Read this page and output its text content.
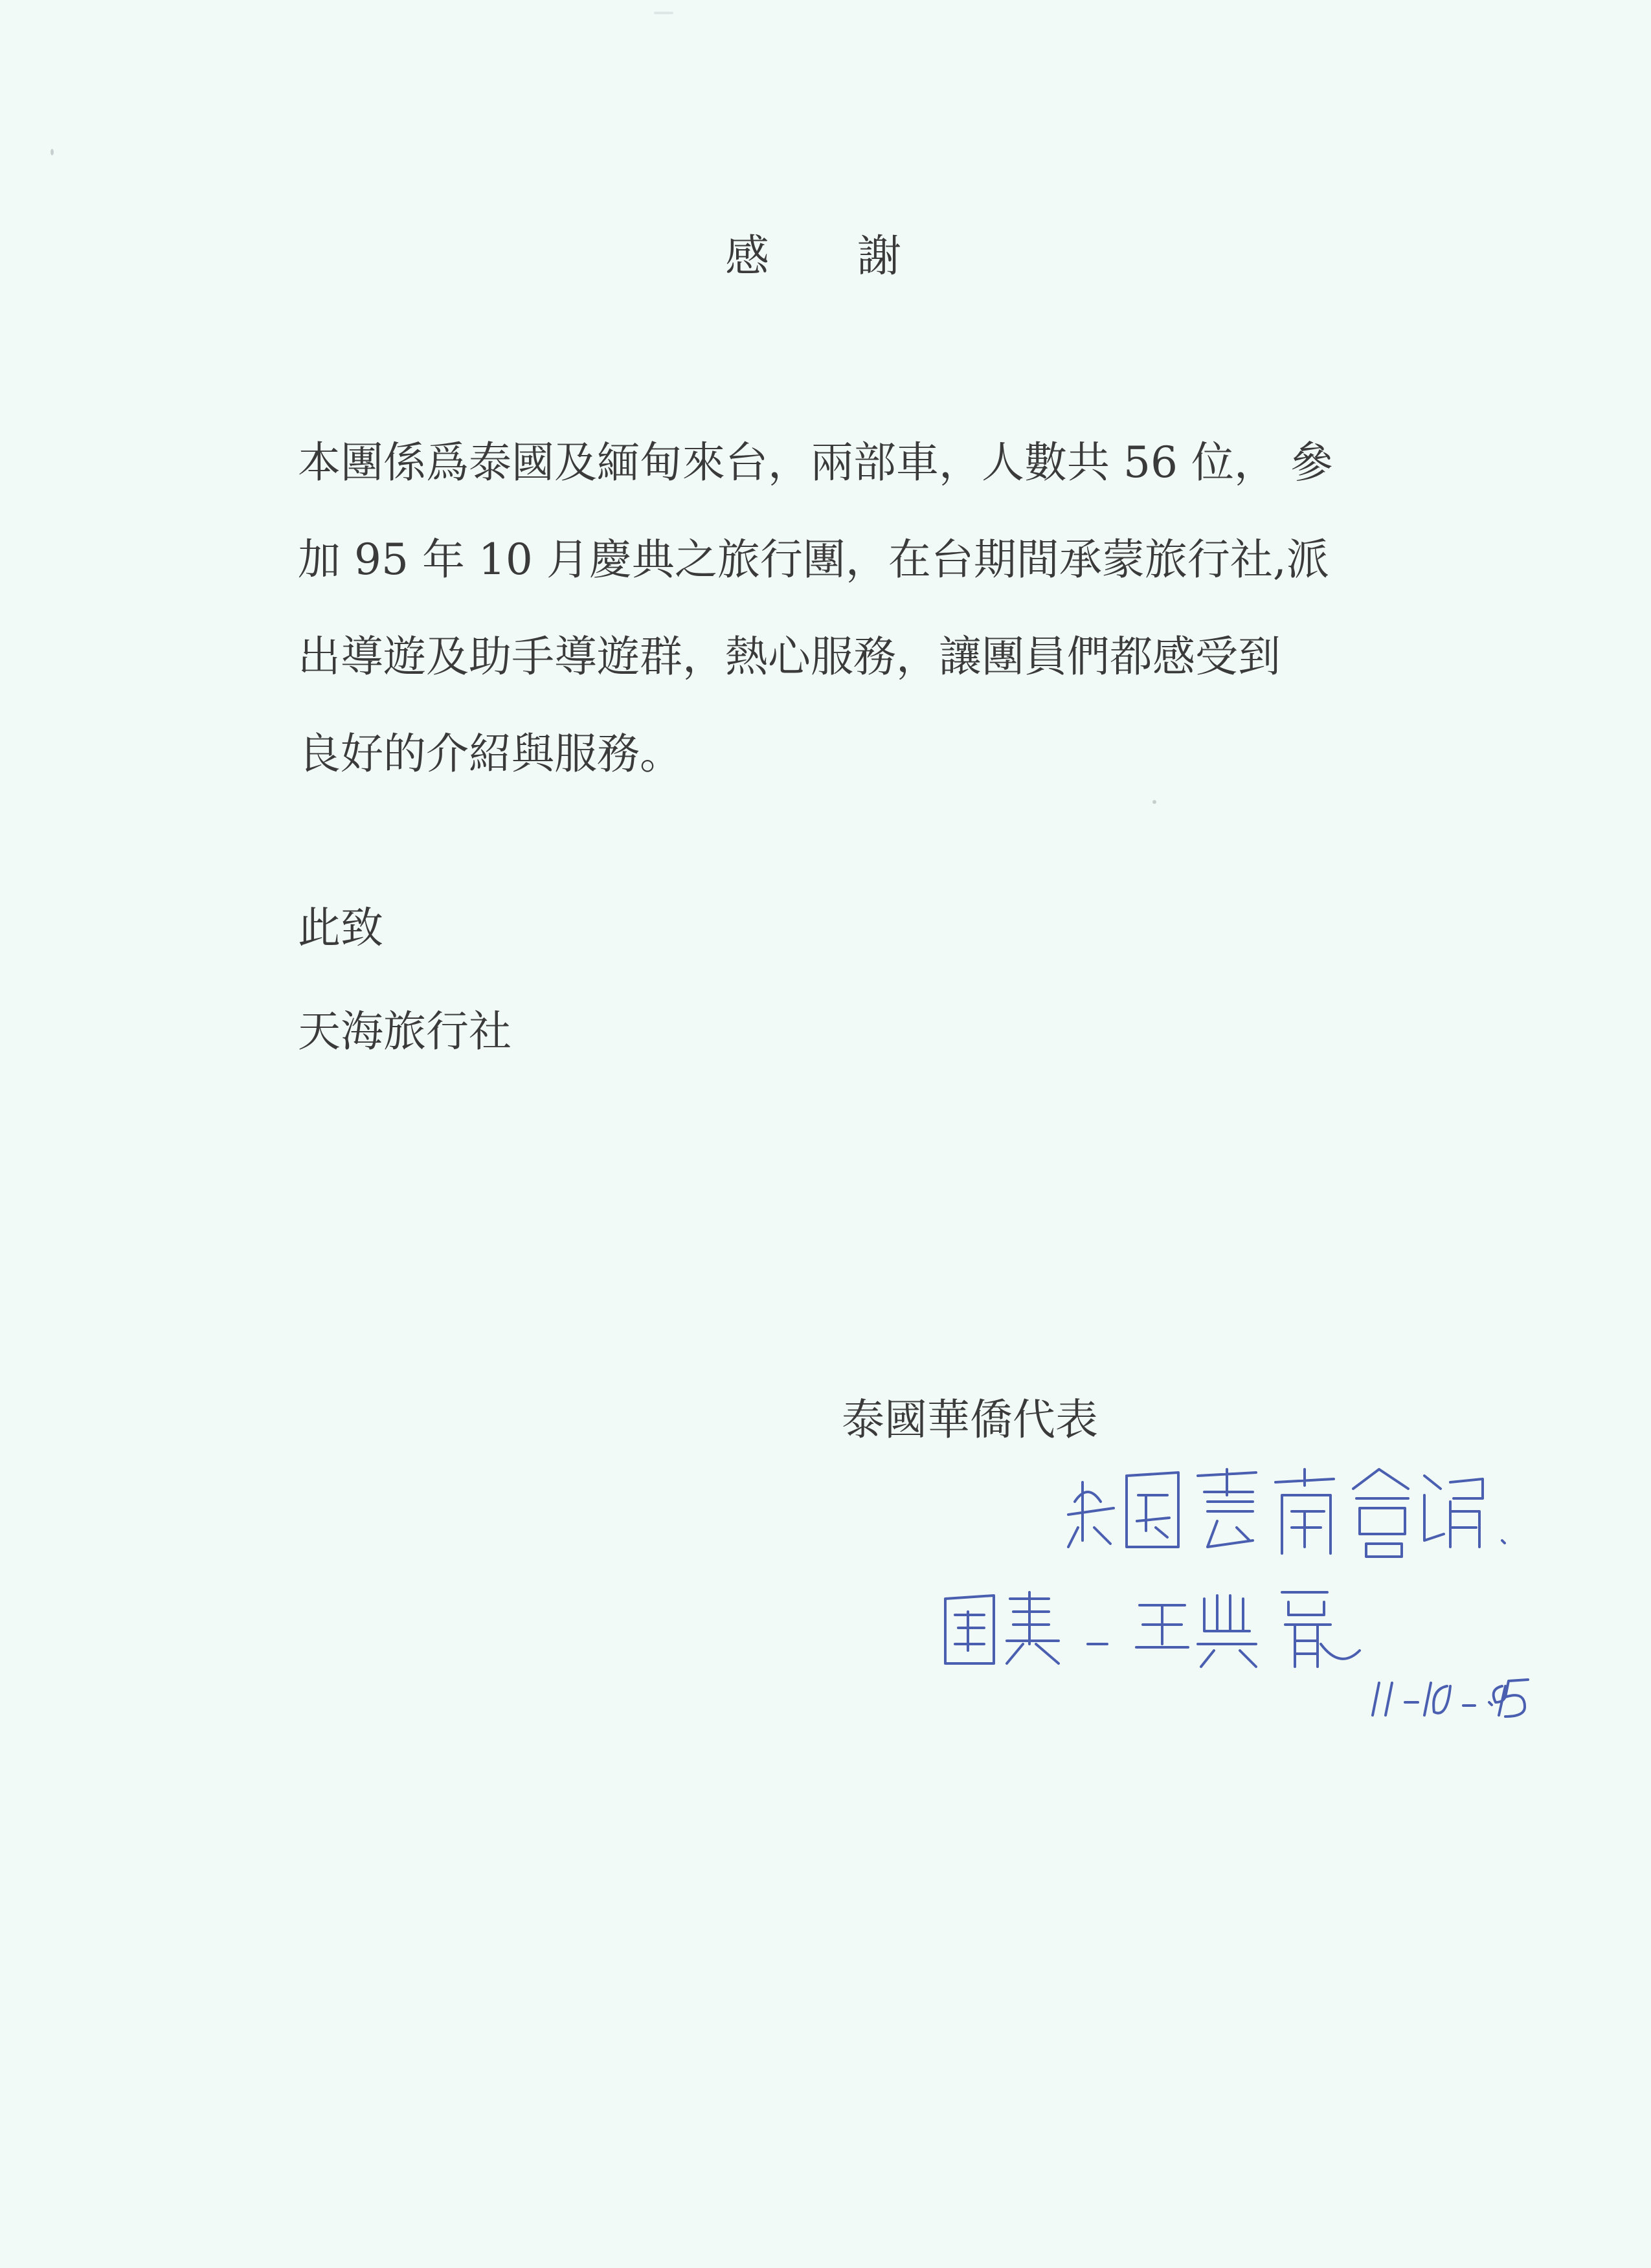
感　　謝
本團係爲泰國及緬甸來台，兩部車，人數共 56 位， 參
加 95 年 10 月慶典之旅行團，在台期間承蒙旅行社,派
出導遊及助手導遊群，熱心服務，讓團員們都感受到
良好的介紹與服務。
此致
天海旅行社
泰國華僑代表
